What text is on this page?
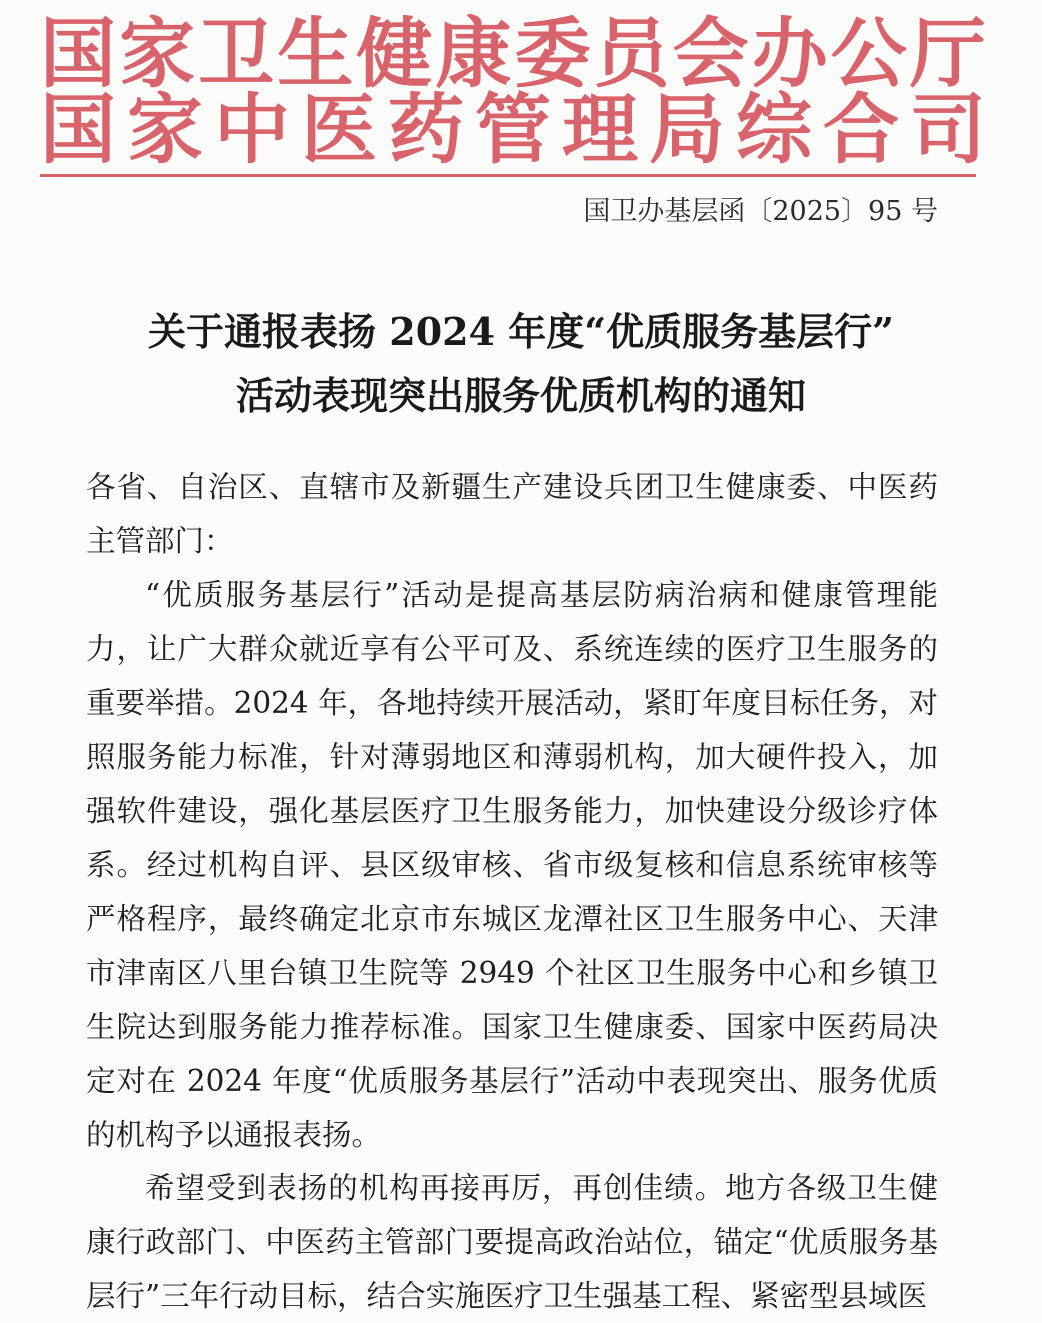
国 家 卫 生 健 康 委 员 会 办 公 厅
国 家 中 医 药 管 理 局 综 合 司
国卫办基层函〔2025〕95 号
关于通报表扬 2024 年度“优质服务基层行”
活动表现突出服务优质机构的通知
各省、自治区、直辖市及新疆生产建设兵团卫生健康委、中医药主管部门：
“优质服务基层行”活动是提高基层防病治病和健康管理能力，让广大群众就近享有公平可及、系统连续的医疗卫生服务的重要举措。2024 年，各地持续开展活动，紧盯年度目标任务，对照服务能力标准，针对薄弱地区和薄弱机构，加大硬件投入，加强软件建设，强化基层医疗卫生服务能力，加快建设分级诊疗体系。经过机构自评、县区级审核、省市级复核和信息系统审核等严格程序，最终确定北京市东城区龙潭社区卫生服务中心、天津市津南区八里台镇卫生院等 2949 个社区卫生服务中心和乡镇卫生院达到服务能力推荐标准。国家卫生健康委、国家中医药局决定对在 2024 年度“优质服务基层行”活动中表现突出、服务优质的机构予以通报表扬。
希望受到表扬的机构再接再厉，再创佳绩。地方各级卫生健康行政部门、中医药主管部门要提高政治站位，锚定“优质服务基层行”三年行动目标，结合实施医疗卫生强基工程、紧密型县域医
